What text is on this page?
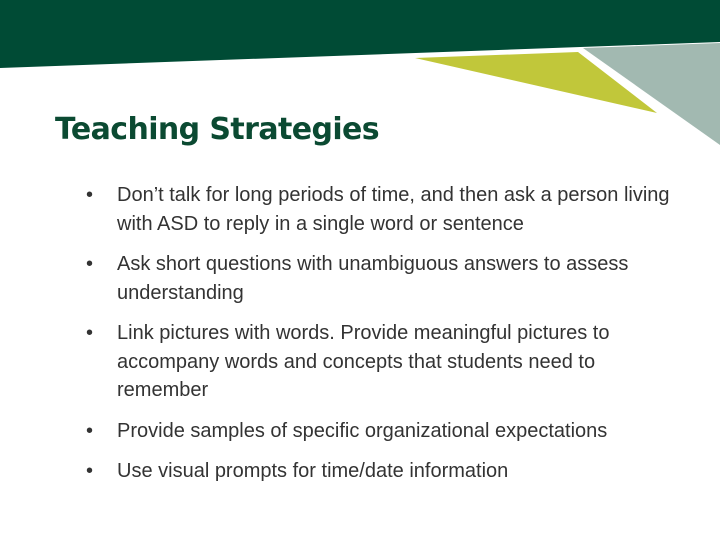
Teaching Strategies
• Don’t talk for long periods of time, and then ask a person living with ASD to reply in a single word or sentence
• Ask short questions with unambiguous answers to assess understanding
• Link pictures with words. Provide meaningful pictures to accompany words and concepts that students need to remember
• Provide samples of specific organizational expectations
• Use visual prompts for time/date information
